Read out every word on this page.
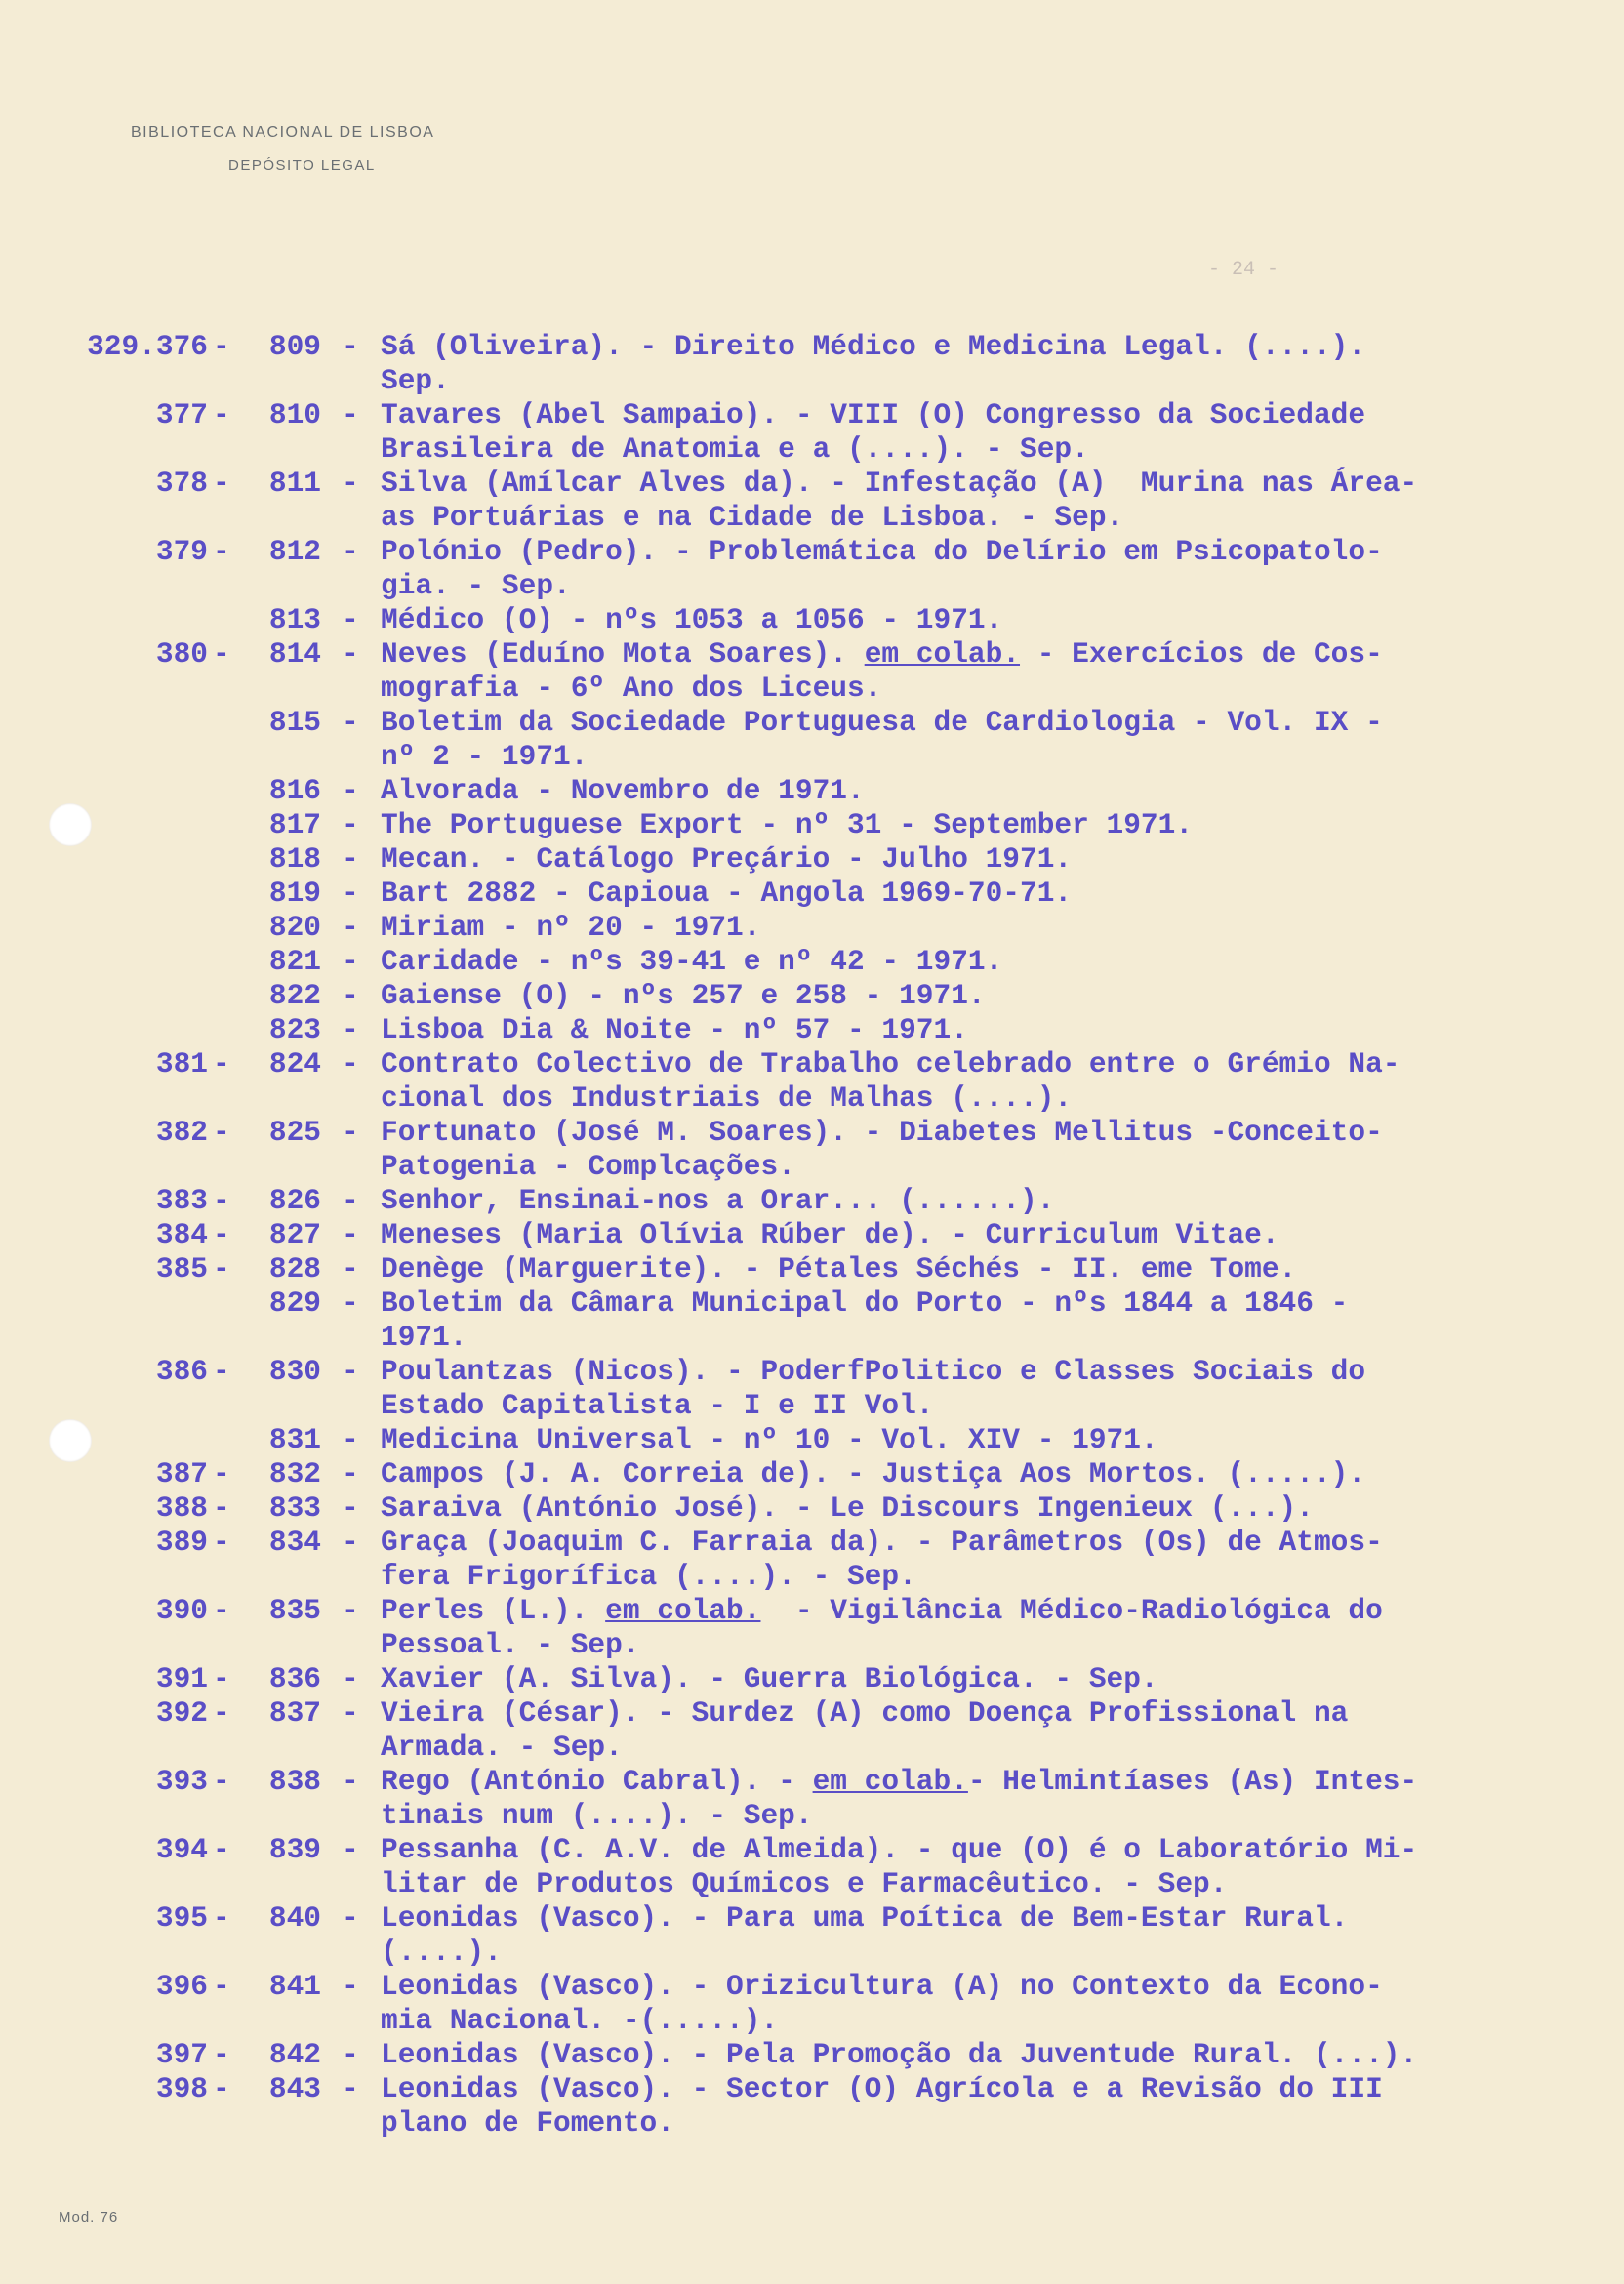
BIBLIOTECA NACIONAL DE LISBOA
DEPÓSITO LEGAL
- 24 -
329.376 - 809 - Sá (Oliveira). - Direito Médico e Medicina Legal. (....).
Sep.
377 - 810 - Tavares (Abel Sampaio). - VIII (O) Congresso da Sociedade
Brasileira de Anatomia e a (....). - Sep.
378 - 811 - Silva (Amílcar Alves da). - Infestação (A)  Murina nas Área-
as Portuárias e na Cidade de Lisboa. - Sep.
379 - 812 - Polónio (Pedro). - Problemática do Delírio em Psicopatolo-
gia. - Sep.
813 - Médico (O) - nºs 1053 a 1056 - 1971.
380 - 814 - Neves (Eduíno Mota Soares). em colab. - Exercícios de Cos-
mografia - 6º Ano dos Liceus.
815 - Boletim da Sociedade Portuguesa de Cardiologia - Vol. IX -
nº 2 - 1971.
816 - Alvorada - Novembro de 1971.
817 - The Portuguese Export - nº 31 - September 1971.
818 - Mecan. - Catálogo Preçário - Julho 1971.
819 - Bart 2882 - Capioua - Angola 1969-70-71.
820 - Miriam - nº 20 - 1971.
821 - Caridade - nºs 39-41 e nº 42 - 1971.
822 - Gaiense (O) - nºs 257 e 258 - 1971.
823 - Lisboa Dia & Noite - nº 57 - 1971.
381 - 824 - Contrato Colectivo de Trabalho celebrado entre o Grémio Na-
cional dos Industriais de Malhas (....).
382 - 825 - Fortunato (José M. Soares). - Diabetes Mellitus -Conceito-
Patogenia - Complcações.
383 - 826 - Senhor, Ensinai-nos a Orar... (......).
384 - 827 - Meneses (Maria Olívia Rúber de). - Curriculum Vitae.
385 - 828 - Denège (Marguerite). - Pétales Séchés - II. eme Tome.
829 - Boletim da Câmara Municipal do Porto - nºs 1844 a 1846 -
1971.
386 - 830 - Poulantzas (Nicos). - PoderfPolitico e Classes Sociais do
Estado Capitalista - I e II Vol.
831 - Medicina Universal - nº 10 - Vol. XIV - 1971.
387 - 832 - Campos (J. A. Correia de). - Justiça Aos Mortos. (.....).
388 - 833 - Saraiva (António José). - Le Discours Ingenieux (...).
389 - 834 - Graça (Joaquim C. Farraia da). - Parâmetros (Os) de Atmos-
fera Frigorífica (....). - Sep.
390 - 835 - Perles (L.). em colab.  - Vigilância Médico-Radiológica do
Pessoal. - Sep.
391 - 836 - Xavier (A. Silva). - Guerra Biológica. - Sep.
392 - 837 - Vieira (César). - Surdez (A) como Doença Profissional na
Armada. - Sep.
393 - 838 - Rego (António Cabral). - em colab.- Helmintíases (As) Intes-
tinais num (....). - Sep.
394 - 839 - Pessanha (C. A.V. de Almeida). - que (O) é o Laboratório Mi-
litar de Produtos Químicos e Farmacêutico. - Sep.
395 - 840 - Leonidas (Vasco). - Para uma Poítica de Bem-Estar Rural.
(....).
396 - 841 - Leonidas (Vasco). - Orizicultura (A) no Contexto da Econo-
mia Nacional. -(.....).
397 - 842 - Leonidas (Vasco). - Pela Promoção da Juventude Rural. (...).
398 - 843 - Leonidas (Vasco). - Sector (O) Agrícola e a Revisão do III
plano de Fomento.
Mod. 76
